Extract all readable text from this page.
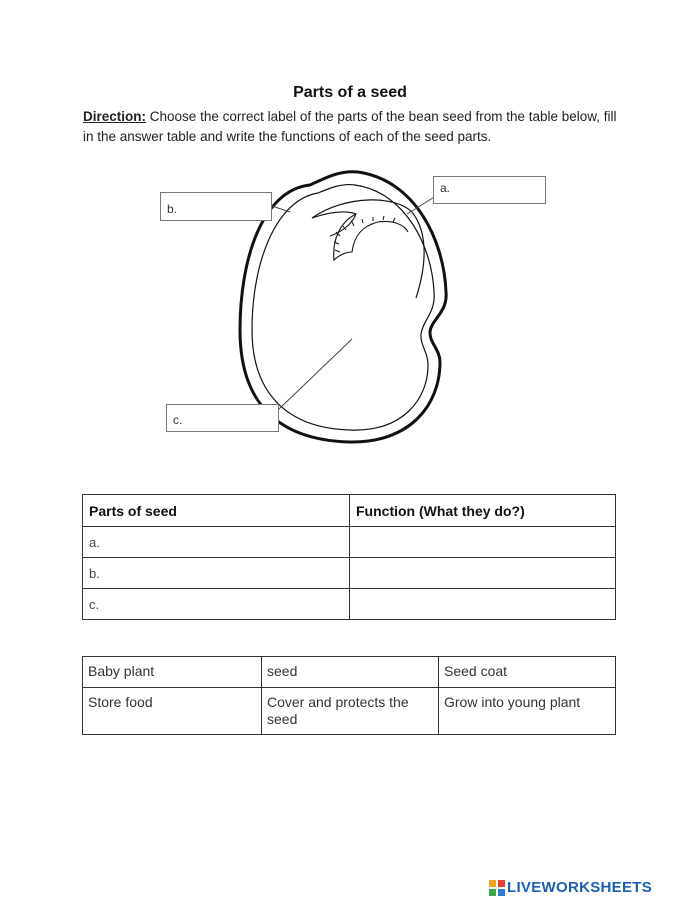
Parts of a seed

Direction: Choose the correct label of the parts of the bean seed from the table below, fill in the answer table and write the functions of each of the seed parts.

a.
b.
c.
Parts of seed	Function (What they do?)
a.	
b.	
c.	
Baby plant	seed	Seed coat
Store food	Cover and protects the seed	Grow into young plant
LIVEWORKSHEETS
